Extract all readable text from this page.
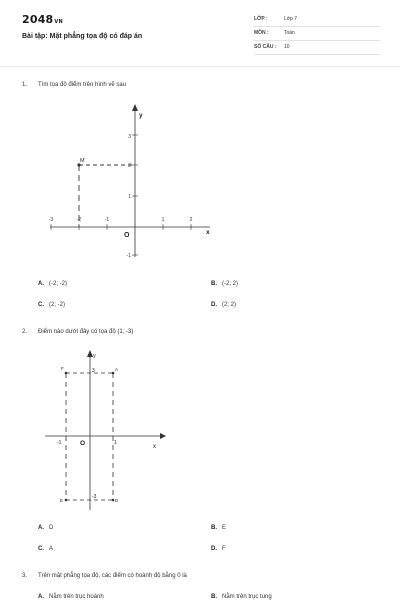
2048VN
Bài tập: Mặt phẳng tọa độ có đáp án
LỚP :	Lớp 7
MÔN :	Toán
SỐ CÂU : 10
1. Tìm tọa độ điểm trên hình vẽ sau
M
y
x
O
-3	-2	-1	1	2
3
2
1
-1
A. (-2; -2)	B. (-2; 2)
C. (2; -2)	D. (2; 2)
2. Điểm nào dưới đây có tọa độ (1; -3)
y
x
O
-1	1
3
-3
F	A
E	D
A. D	B. E
C. A	D. F
3. Trên mặt phẳng tọa độ, các điểm có hoành độ bằng 0 là
A. Nằm trên trục hoành	B. Nằm trên trục tung
